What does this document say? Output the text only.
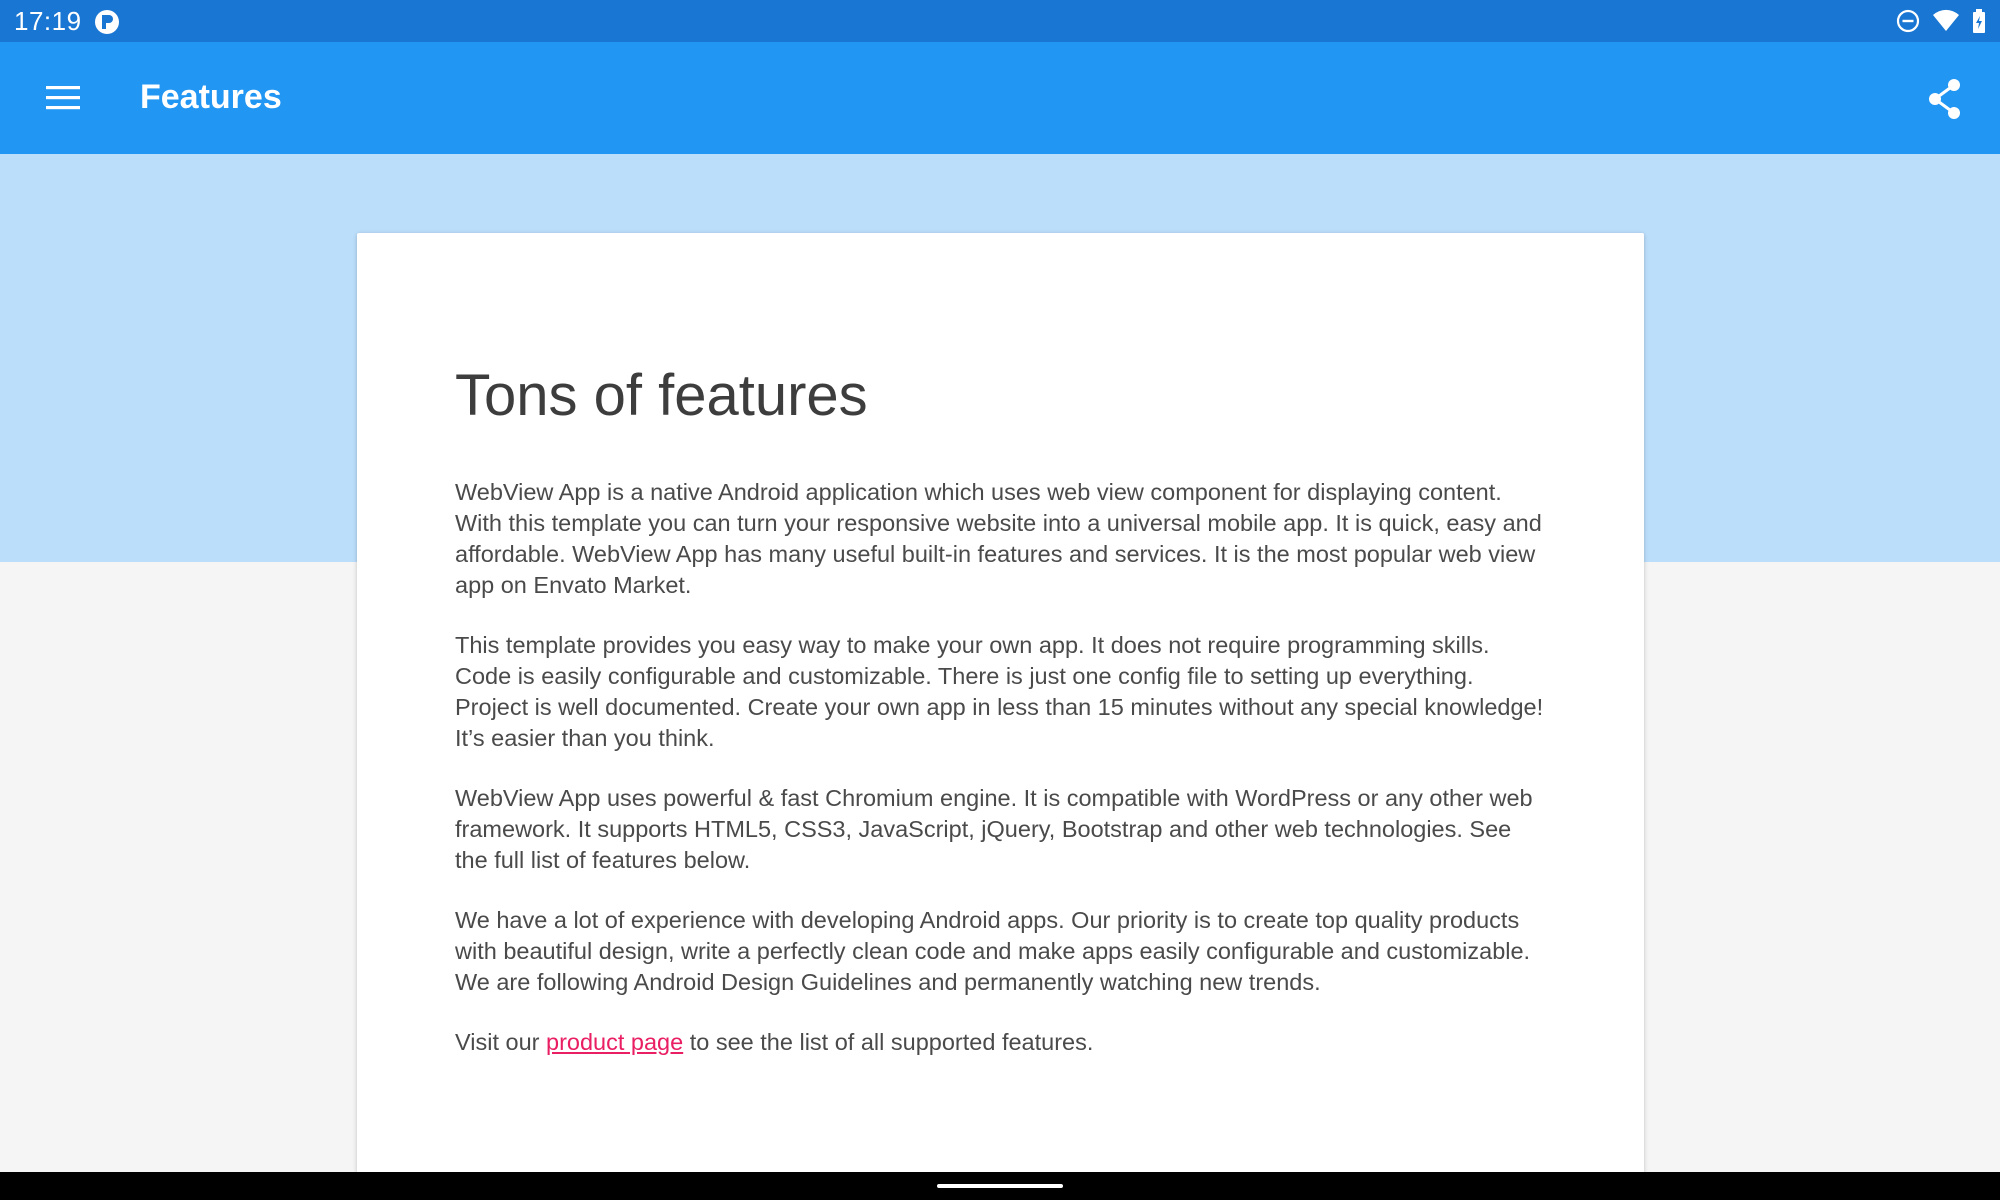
17:19
Features
Tons of features

WebView App is a native Android application which uses web view component for displaying content. With this template you can turn your responsive website into a universal mobile app. It is quick, easy and affordable. WebView App has many useful built-in features and services. It is the most popular web view app on Envato Market.

This template provides you easy way to make your own app. It does not require programming skills. Code is easily configurable and customizable. There is just one config file to setting up everything. Project is well documented. Create your own app in less than 15 minutes without any special knowledge! It’s easier than you think.

WebView App uses powerful & fast Chromium engine. It is compatible with WordPress or any other web framework. It supports HTML5, CSS3, JavaScript, jQuery, Bootstrap and other web technologies. See the full list of features below.

We have a lot of experience with developing Android apps. Our priority is to create top quality products with beautiful design, write a perfectly clean code and make apps easily configurable and customizable. We are following Android Design Guidelines and permanently watching new trends.

Visit our product page to see the list of all supported features.
